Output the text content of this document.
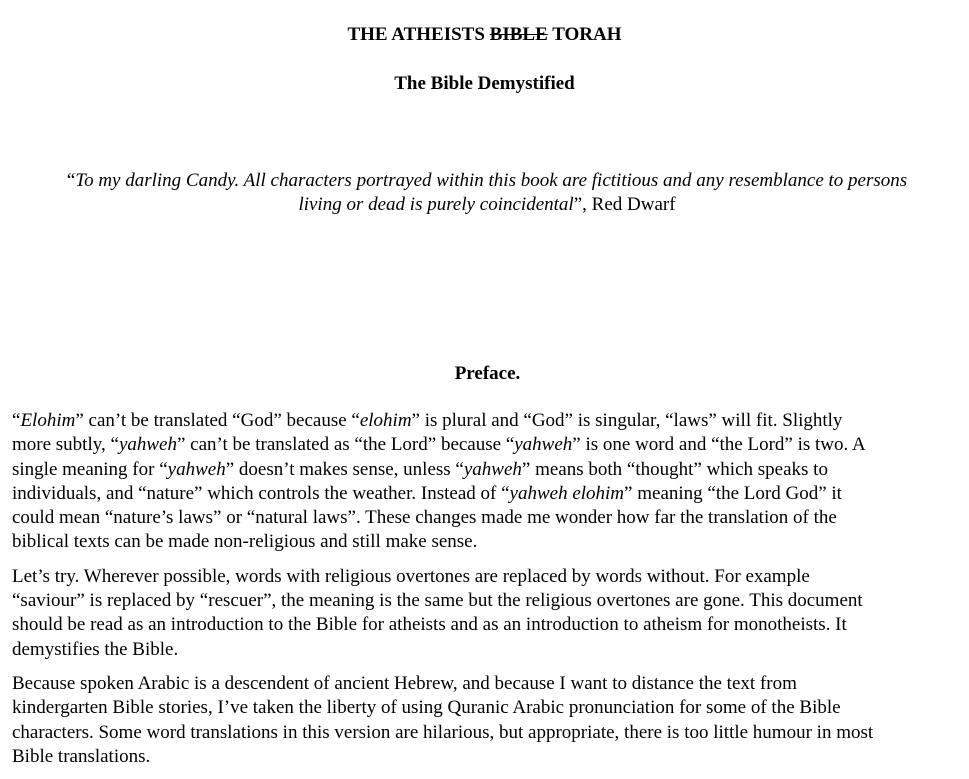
THE ATHEISTS BIBLE TORAH
The Bible Demystified
“To my darling Candy. All characters portrayed within this book are fictitious and any resemblance to persons
living or dead is purely coincidental”, Red Dwarf
Preface.

“Elohim” can’t be translated “God” because “elohim” is plural and “God” is singular, “laws” will fit. Slightly
more subtly, “yahweh” can’t be translated as “the Lord” because “yahweh” is one word and “the Lord” is two. A
single meaning for “yahweh” doesn’t makes sense, unless “yahweh” means both “thought” which speaks to
individuals, and “nature” which controls the weather. Instead of “yahweh elohim” meaning “the Lord God” it
could mean “nature’s laws” or “natural laws”. These changes made me wonder how far the translation of the
biblical texts can be made non-religious and still make sense.

Let’s try. Wherever possible, words with religious overtones are replaced by words without. For example
“saviour” is replaced by “rescuer”, the meaning is the same but the religious overtones are gone. This document
should be read as an introduction to the Bible for atheists and as an introduction to atheism for monotheists. It
demystifies the Bible.

Because spoken Arabic is a descendent of ancient Hebrew, and because I want to distance the text from
kindergarten Bible stories, I’ve taken the liberty of using Quranic Arabic pronunciation for some of the Bible
characters. Some word translations in this version are hilarious, but appropriate, there is too little humour in most
Bible translations.
